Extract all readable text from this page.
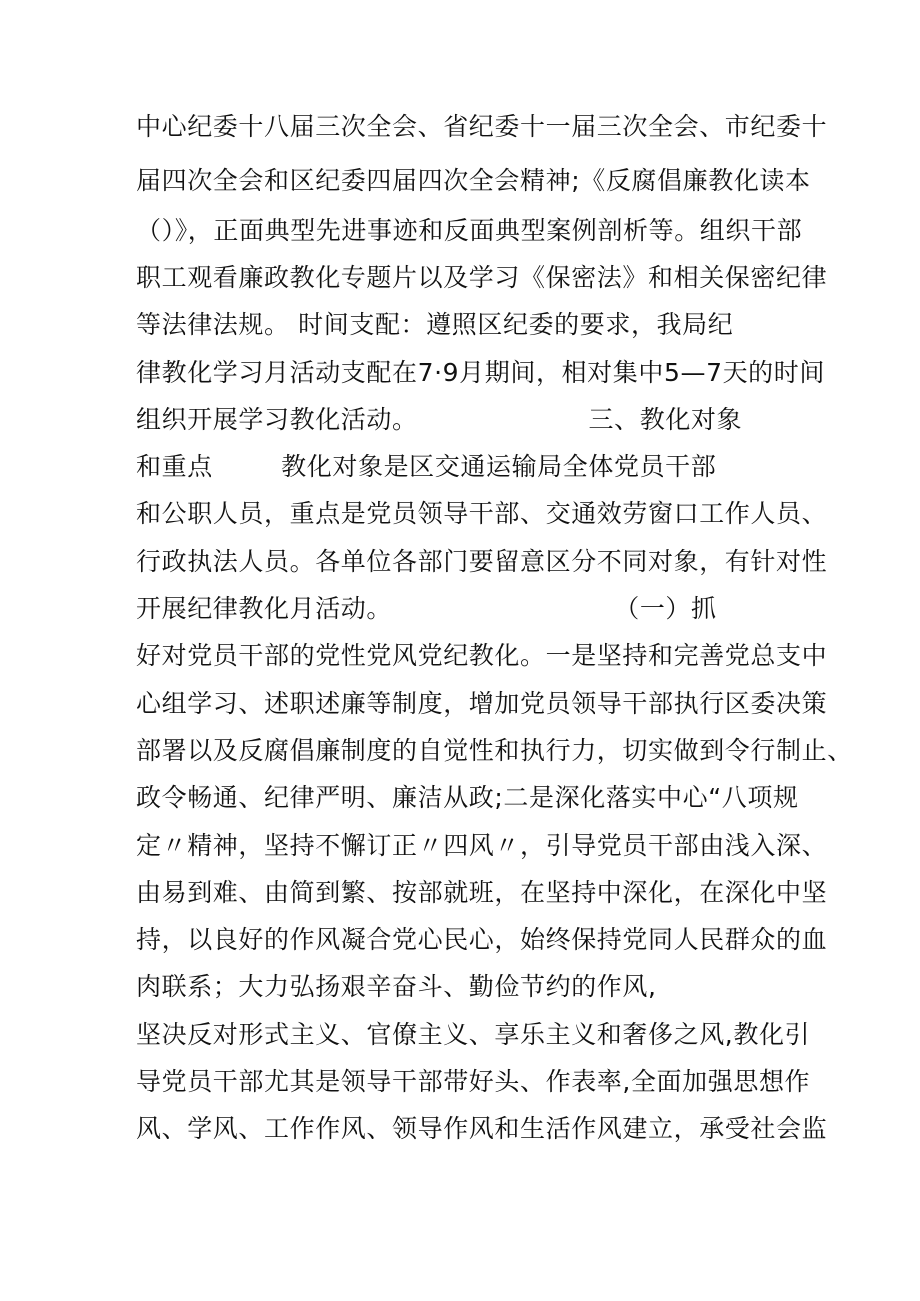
中心纪委十八届三次全会、省纪委十一届三次全会、市纪委十
届四次全会和区纪委四届四次全会精神;《反腐倡廉教化读本
（）》，正面典型先进事迹和反面典型案例剖析等。组织干部
职工观看廉政教化专题片以及学习《保密法》和相关保密纪律
等法律法规。 时间支配：遵照区纪委的要求，我局纪
律教化学习月活动支配在7·9月期间，相对集中5—7天的时间
组织开展学习教化活动。                    三、教化对象
和重点        教化对象是区交通运输局全体党员干部
和公职人员，重点是党员领导干部、交通效劳窗口工作人员、
行政执法人员。各单位各部门要留意区分不同对象，有针对性
开展纪律教化月活动。                          （一）抓
好对党员干部的党性党风党纪教化。一是坚持和完善党总支中
心组学习、述职述廉等制度，增加党员领导干部执行区委决策
部署以及反腐倡廉制度的自觉性和执行力，切实做到令行制止、
政令畅通、纪律严明、廉洁从政;二是深化落实中心“八项规
定〃精神，坚持不懈订正〃四风〃，引导党员干部由浅入深、
由易到难、由简到繁、按部就班，在坚持中深化，在深化中坚
持，以良好的作风凝合党心民心，始终保持党同人民群众的血
肉联系；大力弘扬艰辛奋斗、勤俭节约的作风,
坚决反对形式主义、官僚主义、享乐主义和奢侈之风,教化引
导党员干部尤其是领导干部带好头、作表率,全面加强思想作
风、学风、工作作风、领导作风和生活作风建立，承受社会监
